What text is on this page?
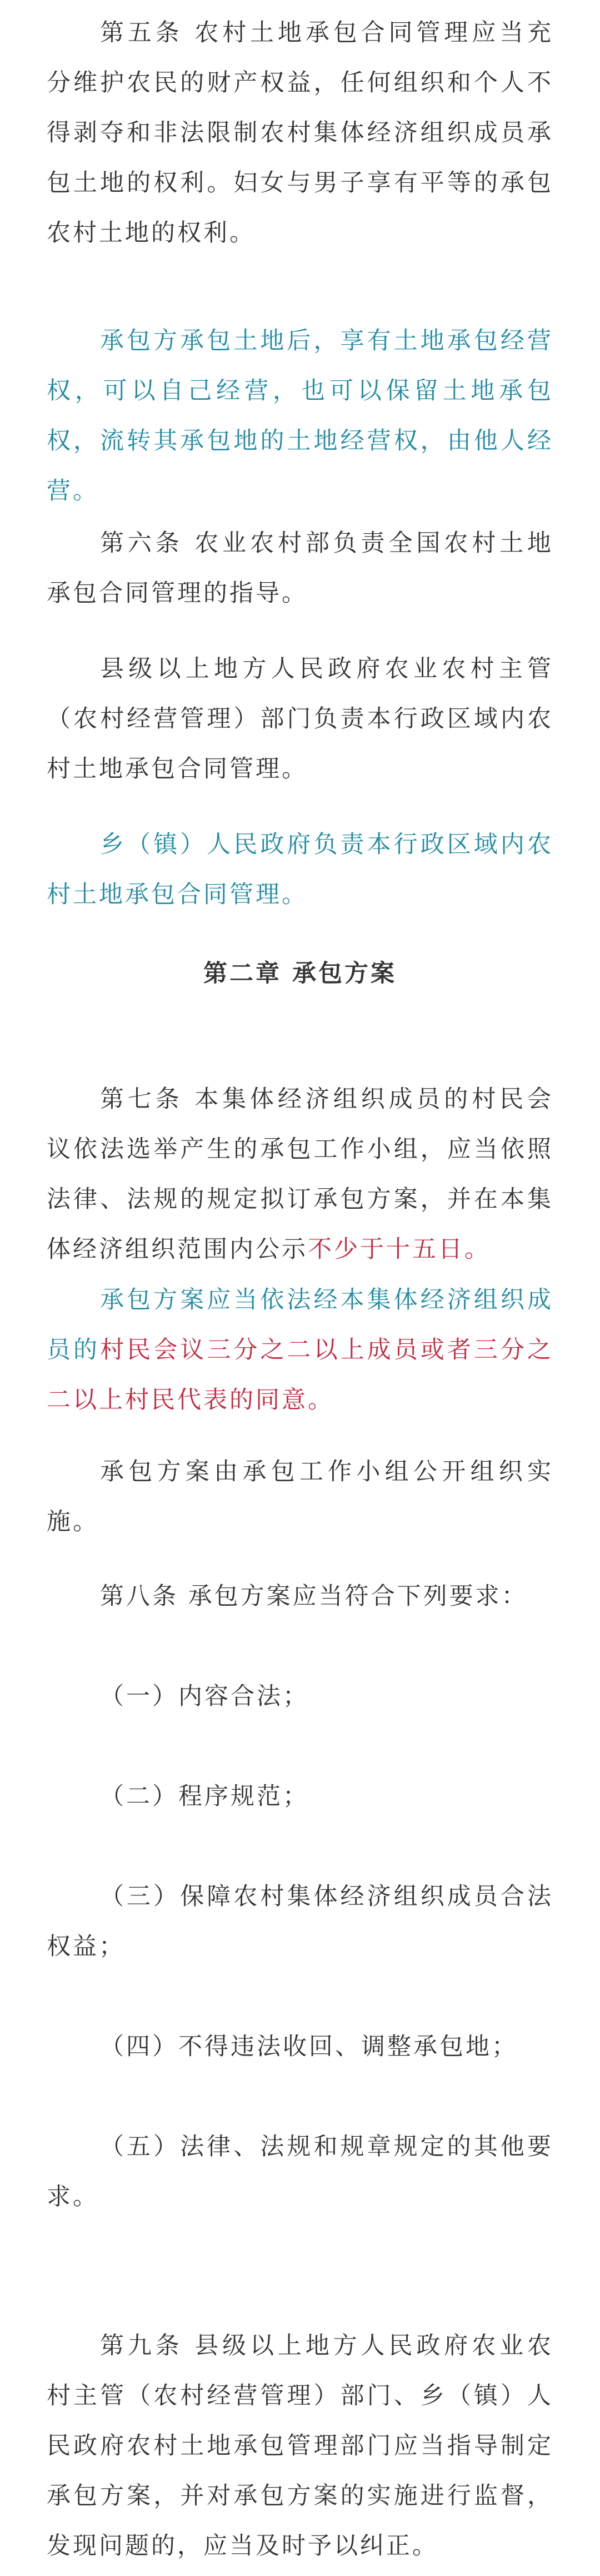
第五条 农村土地承包合同管理应当充分维护农民的财产权益，任何组织和个人不得剥夺和非法限制农村集体经济组织成员承包土地的权利。妇女与男子享有平等的承包农村土地的权利。

承包方承包土地后，享有土地承包经营权，可以自己经营，也可以保留土地承包权，流转其承包地的土地经营权，由他人经营。

第六条 农业农村部负责全国农村土地承包合同管理的指导。

县级以上地方人民政府农业农村主管（农村经营管理）部门负责本行政区域内农村土地承包合同管理。

乡（镇）人民政府负责本行政区域内农村土地承包合同管理。

第二章 承包方案

第七条 本集体经济组织成员的村民会议依法选举产生的承包工作小组，应当依照法律、法规的规定拟订承包方案，并在本集体经济组织范围内公示不少于十五日。

承包方案应当依法经本集体经济组织成员的村民会议三分之二以上成员或者三分之二以上村民代表的同意。

承包方案由承包工作小组公开组织实施。

第八条 承包方案应当符合下列要求：

（一）内容合法；

（二）程序规范；

（三）保障农村集体经济组织成员合法权益；

（四）不得违法收回、调整承包地；

（五）法律、法规和规章规定的其他要求。

第九条 县级以上地方人民政府农业农村主管（农村经营管理）部门、乡（镇）人民政府农村土地承包管理部门应当指导制定承包方案，并对承包方案的实施进行监督，发现问题的，应当及时予以纠正。
